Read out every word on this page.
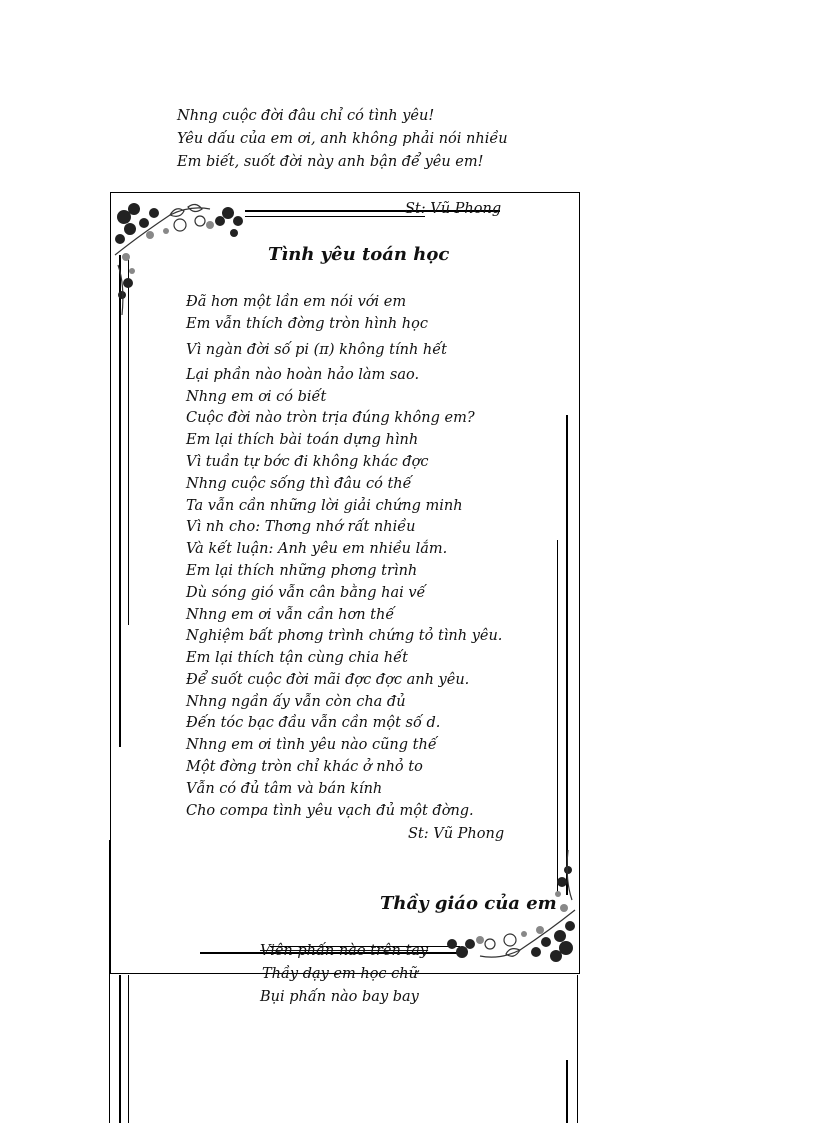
Nhng cuộc đời đâu chỉ có tình yêu!
Yêu dấu của em ơi, anh không phải nói nhiều
Em biết, suốt đời này anh bận để yêu em!
St: Vũ Phong
Tình yêu toán học
Đã hơn một lần em nói với em
Em vẫn thích đờng tròn hình học
Vì ngàn đời số pi (π) không tính hết
Lại phần nào hoàn hảo làm sao.
Nhng em ơi có biết
Cuộc đời nào tròn trịa đúng không em?
Em lại thích bài toán dựng hình
Vì tuần tự bớc đi không khác đợc
Nhng cuộc sống thì đâu có thế
Ta vẫn cần những lời giải chứng minh
Vì nh cho: Thơng nhớ rất nhiều
Và kết luận: Anh yêu em nhiều lắm.
Em lại thích những phơng trình
Dù sóng gió vẫn cân bằng hai vế
Nhng em ơi vẫn cần hơn thế
Nghiệm bất phơng trình chứng tỏ tình yêu.
Em lại thích tận cùng chia hết
Để suốt cuộc đời mãi đợc đợc anh yêu.
Nhng ngần ấy vẫn còn cha đủ
Đến tóc bạc đầu vẫn cần một số d.
Nhng em ơi tình yêu nào cũng thế
Một đờng tròn chỉ khác ở nhỏ to
Vẫn có đủ tâm và bán kính
Cho compa tình yêu vạch đủ một đờng.
St: Vũ Phong
Thầy giáo của em
Viên phấn nào trên tay
Thầy dạy em học chữ
Bụi phấn nào bay bay
